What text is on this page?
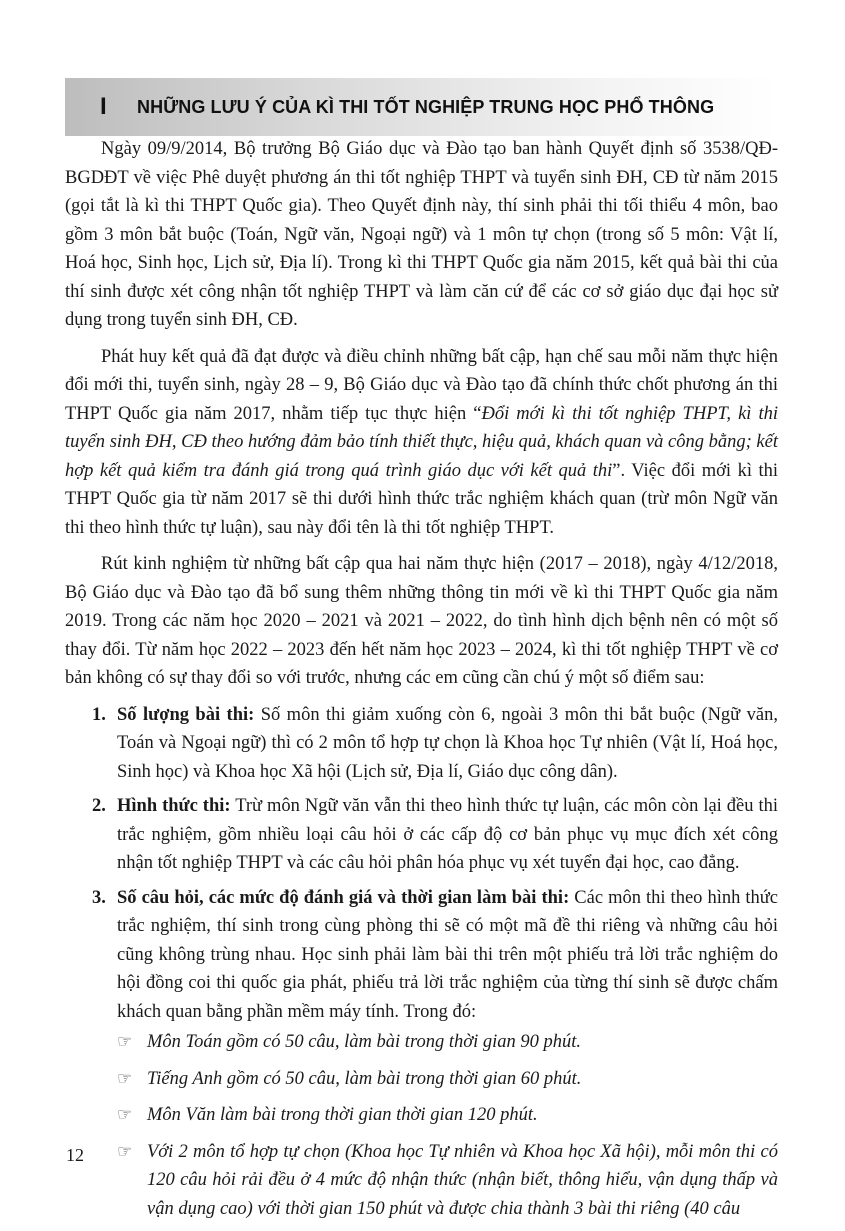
I NHỮNG LƯU Ý CỦA KÌ THI TỐT NGHIỆP TRUNG HỌC PHỔ THÔNG

Ngày 09/9/2014, Bộ trưởng Bộ Giáo dục và Đào tạo ban hành Quyết định số 3538/QĐ-BGDĐT về việc Phê duyệt phương án thi tốt nghiệp THPT và tuyển sinh ĐH, CĐ từ năm 2015 (gọi tắt là kì thi THPT Quốc gia). Theo Quyết định này, thí sinh phải thi tối thiểu 4 môn, bao gồm 3 môn bắt buộc (Toán, Ngữ văn, Ngoại ngữ) và 1 môn tự chọn (trong số 5 môn: Vật lí, Hoá học, Sinh học, Lịch sử, Địa lí). Trong kì thi THPT Quốc gia năm 2015, kết quả bài thi của thí sinh được xét công nhận tốt nghiệp THPT và làm căn cứ để các cơ sở giáo dục đại học sử dụng trong tuyển sinh ĐH, CĐ.

Phát huy kết quả đã đạt được và điều chỉnh những bất cập, hạn chế sau mỗi năm thực hiện đổi mới thi, tuyển sinh, ngày 28 – 9, Bộ Giáo dục và Đào tạo đã chính thức chốt phương án thi THPT Quốc gia năm 2017, nhằm tiếp tục thực hiện “Đổi mới kì thi tốt nghiệp THPT, kì thi tuyển sinh ĐH, CĐ theo hướng đảm bảo tính thiết thực, hiệu quả, khách quan và công bằng; kết hợp kết quả kiểm tra đánh giá trong quá trình giáo dục với kết quả thi”. Việc đổi mới kì thi THPT Quốc gia từ năm 2017 sẽ thi dưới hình thức trắc nghiệm khách quan (trừ môn Ngữ văn thi theo hình thức tự luận), sau này đổi tên là thi tốt nghiệp THPT.

Rút kinh nghiệm từ những bất cập qua hai năm thực hiện (2017 – 2018), ngày 4/12/2018, Bộ Giáo dục và Đào tạo đã bổ sung thêm những thông tin mới về kì thi THPT Quốc gia năm 2019. Trong các năm học 2020 – 2021 và 2021 – 2022, do tình hình dịch bệnh nên có một số thay đổi. Từ năm học 2022 – 2023 đến hết năm học 2023 – 2024, kì thi tốt nghiệp THPT về cơ bản không có sự thay đổi so với trước, nhưng các em cũng cần chú ý một số điểm sau:

1. Số lượng bài thi: Số môn thi giảm xuống còn 6, ngoài 3 môn thi bắt buộc (Ngữ văn, Toán và Ngoại ngữ) thì có 2 môn tổ hợp tự chọn là Khoa học Tự nhiên (Vật lí, Hoá học, Sinh học) và Khoa học Xã hội (Lịch sử, Địa lí, Giáo dục công dân).
2. Hình thức thi: Trừ môn Ngữ văn vẫn thi theo hình thức tự luận, các môn còn lại đều thi trắc nghiệm, gồm nhiều loại câu hỏi ở các cấp độ cơ bản phục vụ mục đích xét công nhận tốt nghiệp THPT và các câu hỏi phân hóa phục vụ xét tuyển đại học, cao đẳng.
3. Số câu hỏi, các mức độ đánh giá và thời gian làm bài thi: Các môn thi theo hình thức trắc nghiệm, thí sinh trong cùng phòng thi sẽ có một mã đề thi riêng và những câu hỏi cũng không trùng nhau. Học sinh phải làm bài thi trên một phiếu trả lời trắc nghiệm do hội đồng coi thi quốc gia phát, phiếu trả lời trắc nghiệm của từng thí sinh sẽ được chấm khách quan bằng phần mềm máy tính. Trong đó:
☞ Môn Toán gồm có 50 câu, làm bài trong thời gian 90 phút.
☞ Tiếng Anh gồm có 50 câu, làm bài trong thời gian 60 phút.
☞ Môn Văn làm bài trong thời gian thời gian 120 phút.
☞ Với 2 môn tổ hợp tự chọn (Khoa học Tự nhiên và Khoa học Xã hội), mỗi môn thi có 120 câu hỏi rải đều ở 4 mức độ nhận thức (nhận biết, thông hiểu, vận dụng thấp và vận dụng cao) với thời gian 150 phút và được chia thành 3 bài thi riêng (40 câu
12
